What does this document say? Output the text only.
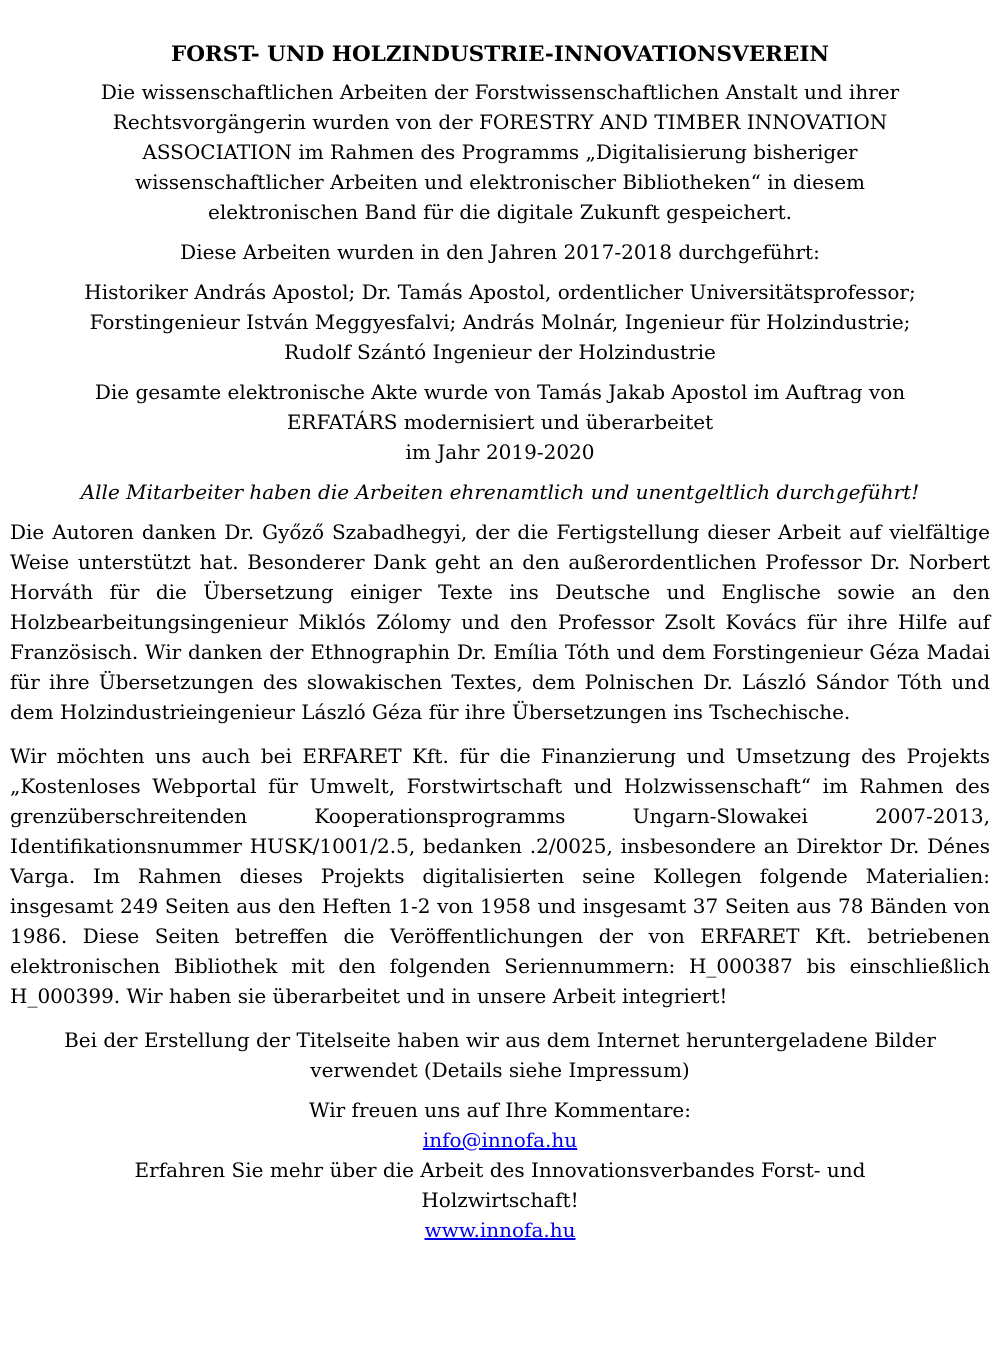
FORST- UND HOLZINDUSTRIE-INNOVATIONSVEREIN

Die wissenschaftlichen Arbeiten der Forstwissenschaftlichen Anstalt und ihrer
Rechtsvorgängerin wurden von der FORESTRY AND TIMBER INNOVATION
ASSOCIATION im Rahmen des Programms „Digitalisierung bisheriger
wissenschaftlicher Arbeiten und elektronischer Bibliotheken“ in diesem
elektronischen Band für die digitale Zukunft gespeichert.

Diese Arbeiten wurden in den Jahren 2017-2018 durchgeführt:

Historiker András Apostol; Dr. Tamás Apostol, ordentlicher Universitätsprofessor;
Forstingenieur István Meggyesfalvi; András Molnár, Ingenieur für Holzindustrie;
Rudolf Szántó Ingenieur der Holzindustrie

Die gesamte elektronische Akte wurde von Tamás Jakab Apostol im Auftrag von
ERFATÁRS modernisiert und überarbeitet
im Jahr 2019-2020

Alle Mitarbeiter haben die Arbeiten ehrenamtlich und unentgeltlich durchgeführt!

Die Autoren danken Dr. Győző Szabadhegyi, der die Fertigstellung dieser Arbeit auf vielfältige Weise unterstützt hat. Besonderer Dank geht an den außerordentlichen Professor Dr. Norbert Horváth für die Übersetzung einiger Texte ins Deutsche und Englische sowie an den Holzbearbeitungsingenieur Miklós Zólomy und den Professor Zsolt Kovács für ihre Hilfe auf Französisch. Wir danken der Ethnographin Dr. Emília Tóth und dem Forstingenieur Géza Madai für ihre Übersetzungen des slowakischen Textes, dem Polnischen Dr. László Sándor Tóth und dem Holzindustrieingenieur László Géza für ihre Übersetzungen ins Tschechische.

Wir möchten uns auch bei ERFARET Kft. für die Finanzierung und Umsetzung des Projekts „Kostenloses Webportal für Umwelt, Forstwirtschaft und Holzwissenschaft“ im Rahmen des grenzüberschreitenden Kooperationsprogramms Ungarn-Slowakei 2007-2013, Identifikationsnummer HUSK/1001/2.5, bedanken .2/0025, insbesondere an Direktor Dr. Dénes Varga. Im Rahmen dieses Projekts digitalisierten seine Kollegen folgende Materialien: insgesamt 249 Seiten aus den Heften 1-2 von 1958 und insgesamt 37 Seiten aus 78 Bänden von 1986. Diese Seiten betreffen die Veröffentlichungen der von ERFARET Kft. betriebenen elektronischen Bibliothek mit den folgenden Seriennummern: H_000387 bis einschließlich H_000399. Wir haben sie überarbeitet und in unsere Arbeit integriert!

Bei der Erstellung der Titelseite haben wir aus dem Internet heruntergeladene Bilder
verwendet (Details siehe Impressum)

Wir freuen uns auf Ihre Kommentare:
info@innofa.hu
Erfahren Sie mehr über die Arbeit des Innovationsverbandes Forst- und
Holzwirtschaft!
www.innofa.hu
